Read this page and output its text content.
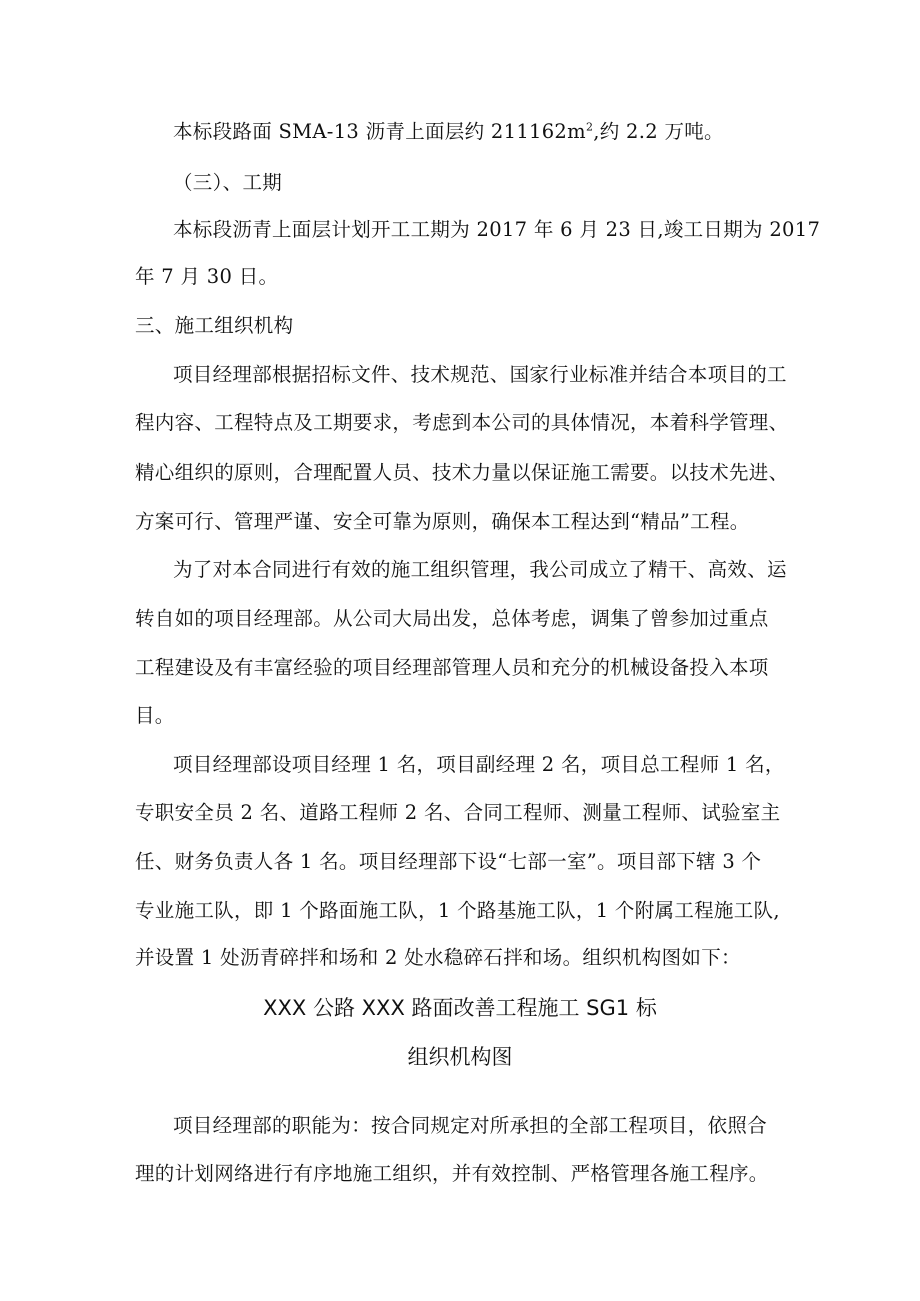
本标段路面 SMA-13 沥青上面层约 $211162m^2$,约 2.2 万吨。
（三）、工期
本标段沥青上面层计划开工工期为 2017 年 6 月 23 日,竣工日期为 2017
年 7 月 30 日。
三、施工组织机构
项目经理部根据招标文件、技术规范、国家行业标准并结合本项目的工
程内容、工程特点及工期要求，考虑到本公司的具体情况，本着科学管理、
精心组织的原则，合理配置人员、技术力量以保证施工需要。以技术先进、
方案可行、管理严谨、安全可靠为原则，确保本工程达到“精品”工程。
为了对本合同进行有效的施工组织管理，我公司成立了精干、高效、运
转自如的项目经理部。从公司大局出发，总体考虑，调集了曾参加过重点
工程建设及有丰富经验的项目经理部管理人员和充分的机械设备投入本项
目。
项目经理部设项目经理 1 名，项目副经理 2 名，项目总工程师 1 名，
专职安全员 2 名、道路工程师 2 名、合同工程师、测量工程师、试验室主
任、财务负责人各 1 名。项目经理部下设“七部一室”。项目部下辖 3 个
专业施工队，即 1 个路面施工队，1 个路基施工队，1 个附属工程施工队,
并设置 1 处沥青碎拌和场和 2 处水稳碎石拌和场。组织机构图如下：
XXX 公路 XXX 路面改善工程施工 SG1 标
组织机构图
项目经理部的职能为：按合同规定对所承担的全部工程项目，依照合
理的计划网络进行有序地施工组织，并有效控制、严格管理各施工程序。
